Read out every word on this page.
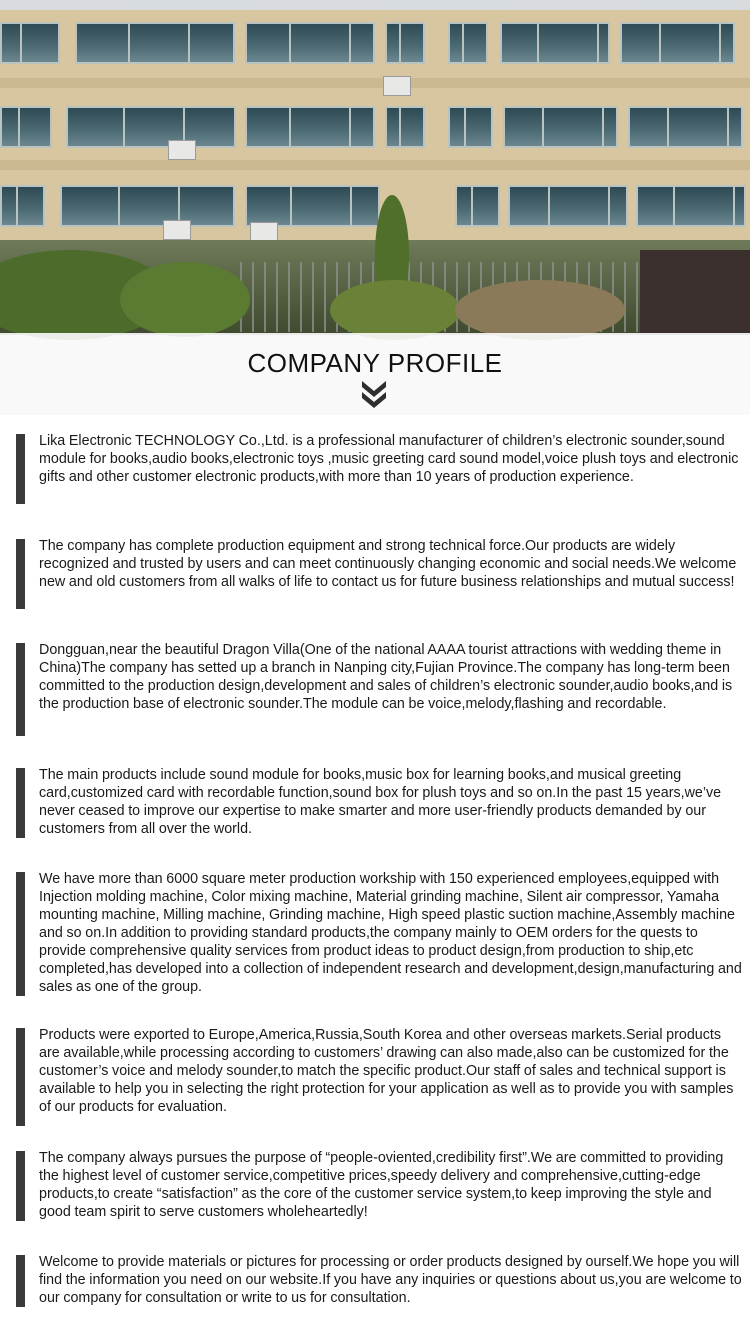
COMPANY PROFILE
Lika Electronic TECHNOLOGY Co.,Ltd. is a professional manufacturer of children’s electronic sounder,sound module for books,audio books,electronic toys ,music greeting card sound model,voice plush toys and electronic gifts and other customer electronic products,with more than 10 years of production experience.
The company has complete production equipment and strong technical force.Our products are widely recognized and trusted by users and can meet continuously changing economic and social needs.We welcome new and old customers from all walks of life to contact us for future business relationships and mutual success!
Dongguan,near the beautiful Dragon Villa(One of the national AAAA tourist attractions with wedding theme in China)The company has setted up a branch in Nanping city,Fujian Province.The company has long-term been committed to the production design,development and sales of children’s electronic sounder,audio books,and is the production base of electronic sounder.The module can be voice,melody,flashing and recordable.
The main products include sound module for books,music box for learning books,and musical greeting card,customized card with recordable function,sound box for plush toys and so on.In the past 15 years,we’ve never ceased to improve our expertise to make smarter and more user-friendly products demanded by our customers from all over the world.
We have more than 6000 square meter production workship with 150 experienced employees,equipped with Injection molding machine, Color mixing machine, Material grinding machine, Silent air compressor, Yamaha mounting machine, Milling machine, Grinding machine, High speed plastic suction machine,Assembly machine and so on.In addition to providing standard products,the company mainly to OEM orders for the quests to provide comprehensive quality services from product ideas to product design,from production to ship,etc completed,has developed into a collection of independent research and development,design,manufacturing and sales as one of the group.
Products were exported to Europe,America,Russia,South Korea and other overseas markets.Serial products are available,while processing according to customers’ drawing can also made,also can be customized for the customer’s voice and melody sounder,to match the specific product.Our staff of sales and technical support is available to help you in selecting the right protection for your application as well as to provide you with samples of our products for evaluation.
The company always pursues the purpose of “people-oviented,credibility first”.We are committed to providing the highest level of customer service,competitive prices,speedy delivery and comprehensive,cutting-edge products,to create “satisfaction” as the core of the customer service system,to keep improving the style and good team spirit to serve customers wholeheartedly!
Welcome to provide materials or pictures for processing or order products designed by ourself.We hope you will find the information you need on our website.If you have any inquiries or questions about us,you are welcome to our company for consultation or write to us for consultation.
